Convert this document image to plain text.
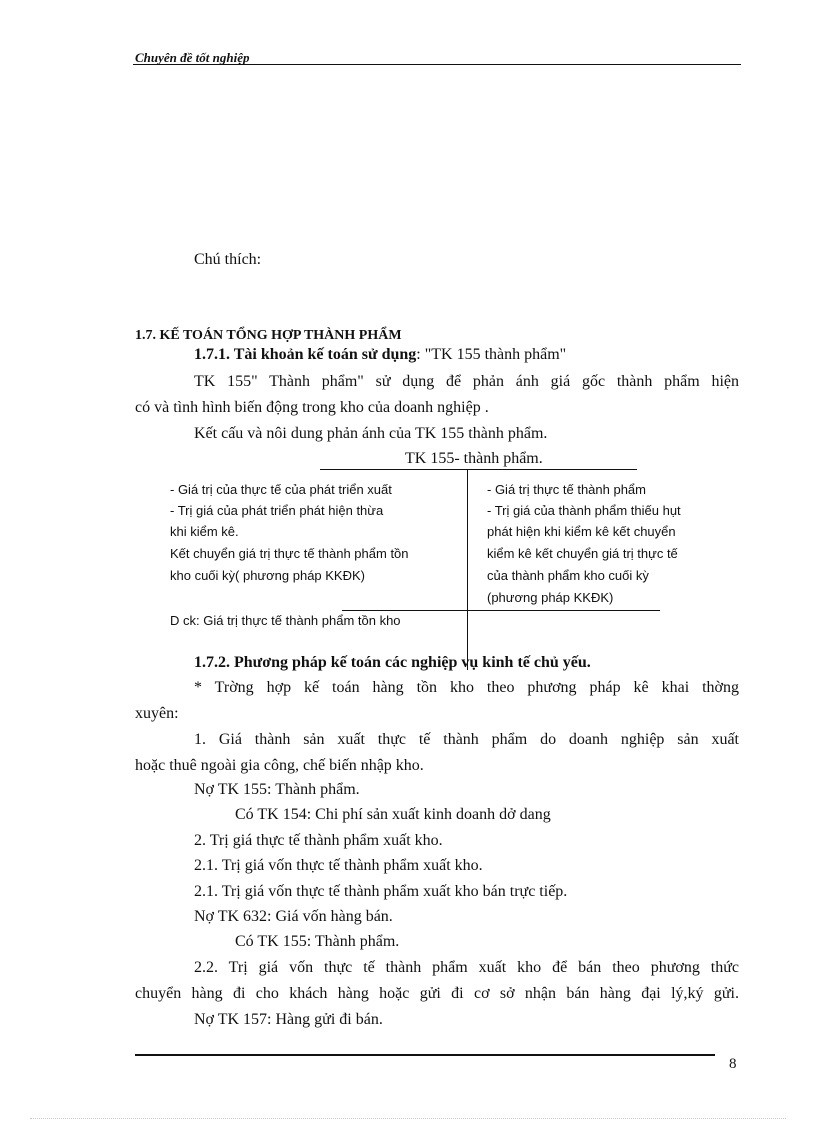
Chuyên đề tốt nghiệp
Chú thích:
1.7. KẾ TOÁN TỔNG HỢP THÀNH PHẨM
1.7.1. Tài khoản kế toán sử dụng: "TK 155 thành phẩm"
TK 155" Thành phẩm" sử dụng để phản ánh giá gốc thành phẩm hiện
có và tình hình biến động trong kho của doanh nghiệp .
Kết cấu và nôi dung phản ánh của TK 155 thành phẩm.
TK 155- thành phẩm.
- Giá trị của thực tế của phát triển xuất
- Trị giá của phát triển phát hiện thừa
khi kiểm kê.
Kết chuyển giá trị thực tế thành phẩm tồn
kho cuối kỳ( phương pháp KKĐK)
- Giá trị thực tế thành phẩm
- Trị giá của thành phẩm thiếu hụt
phát hiện khi kiểm kê kết chuyển
kiểm kê kết chuyển giá trị thực tế
của thành phẩm kho cuối kỳ
(phương pháp KKĐK)
D ck: Giá trị thực tế thành phẩm tồn kho
1.7.2. Phương pháp kế toán các nghiệp vụ kinh tế chủ yếu.
* Trờng hợp kế toán hàng tồn kho theo phương pháp kê khai thờng
xuyên:
1. Giá thành sản xuất thực tế thành phẩm do doanh nghiệp sản xuất
hoặc thuê ngoài gia công, chế biến nhập kho.
Nợ TK 155: Thành phẩm.
Có TK 154: Chi phí sản xuất kinh doanh dở dang
2. Trị giá thực tế thành phẩm xuất kho.
2.1. Trị giá vốn thực tế thành phẩm xuất kho.
2.1. Trị giá vốn thực tế thành phẩm xuất kho bán trực tiếp.
Nợ TK 632: Giá vốn hàng bán.
Có TK 155: Thành phẩm.
2.2. Trị giá vốn thực tế thành phẩm xuất kho để bán theo phương thức
chuyển hàng đi cho khách hàng hoặc gửi đi cơ sở nhận bán hàng đại lý,ký gửi.
Nợ TK 157: Hàng gửi đi bán.
8
